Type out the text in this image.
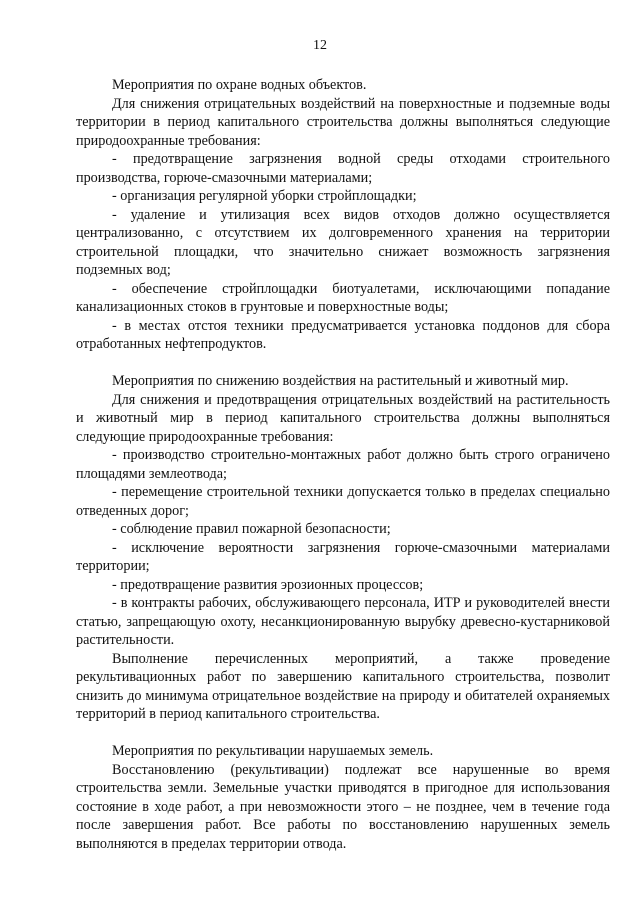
12

Мероприятия по охране водных объектов.

Для снижения отрицательных воздействий на поверхностные и подземные воды территории в период капитального строительства должны выполняться следующие природоохранные требования:

- предотвращение загрязнения водной среды отходами строительного производства, горюче-смазочными материалами;

- организация регулярной уборки стройплощадки;

- удаление и утилизация всех видов отходов должно осуществляется централизованно, с отсутствием их долговременного хранения на территории строительной площадки, что значительно снижает возможность загрязнения подземных вод;

- обеспечение стройплощадки биотуалетами, исключающими попадание канализационных стоков в грунтовые и поверхностные воды;

- в местах отстоя техники предусматривается установка поддонов для сбора отработанных нефтепродуктов.

Мероприятия по снижению воздействия на растительный и животный мир.

Для снижения и предотвращения отрицательных воздействий на растительность и животный мир в период капитального строительства должны выполняться следующие природоохранные требования:

- производство строительно-монтажных работ должно быть строго ограничено площадями землеотвода;

- перемещение строительной техники допускается только в пределах специально отведенных дорог;

- соблюдение правил пожарной безопасности;

- исключение вероятности загрязнения горюче-смазочными материалами территории;

- предотвращение развития эрозионных процессов;

- в контракты рабочих, обслуживающего персонала, ИТР и руководителей внести статью, запрещающую охоту, несанкционированную вырубку древесно-кустарниковой растительности.

Выполнение перечисленных мероприятий, а также проведение рекультивационных работ по завершению капитального строительства, позволит снизить до минимума отрицательное воздействие на природу и обитателей охраняемых территорий в период капитального строительства.

Мероприятия по рекультивации нарушаемых земель.

Восстановлению (рекультивации) подлежат все нарушенные во время строительства земли. Земельные участки приводятся в пригодное для использования состояние в ходе работ, а при невозможности этого – не позднее, чем в течение года после завершения работ. Все работы по восстановлению нарушенных земель выполняются в пределах территории отвода.
